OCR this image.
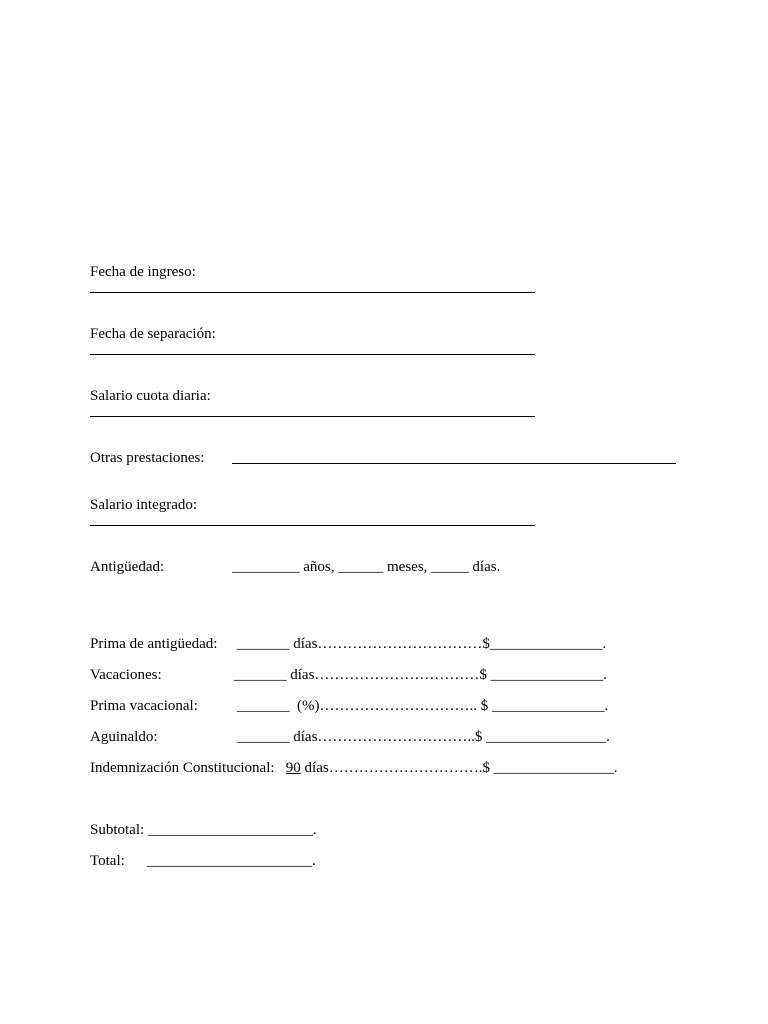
Fecha de ingreso:
Fecha de separación:
Salario cuota diaria:
Otras prestaciones:
Salario integrado:
Antigüedad:	_________ años, ______ meses, _____ días.
Prima de antigüedad: _______ días……………………………$_______________.
Vacaciones:	_______ días……………………………$ _______________.
Prima vacacional:	_______  (%)………………………….. $ _______________.
Aguinaldo:	_______ días…………………………..$ ________________.
Indemnización Constitucional: 90 días………………………….$ ________________.
Subtotal: ______________________.
Total: ______________________.
